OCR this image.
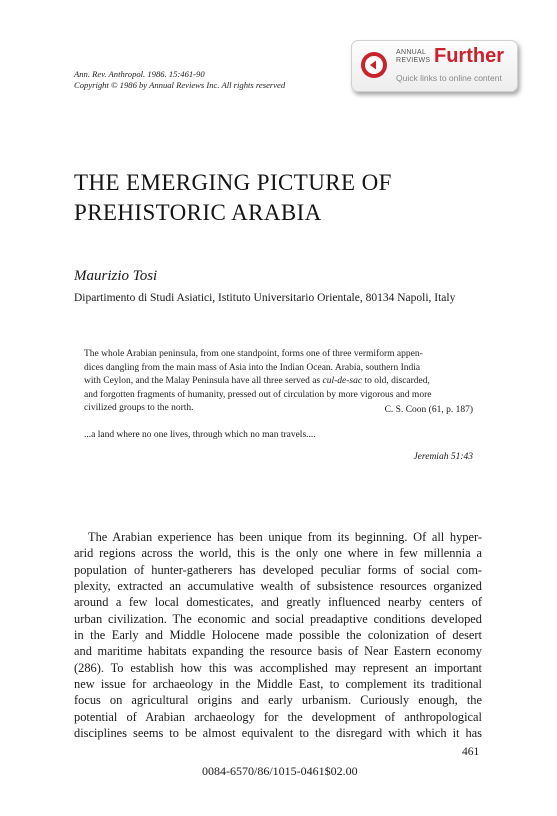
Ann. Rev. Anthropol. 1986. 15:461-90
Copyright © 1986 by Annual Reviews Inc. All rights reserved
ANNUAL
REVIEWS Further
Quick links to online content
THE EMERGING PICTURE OF
PREHISTORIC ARABIA
Maurizio Tosi
Dipartimento di Studi Asiatici, Istituto Universitario Orientale, 80134 Napoli, Italy
The whole Arabian peninsula, from one standpoint, forms one of three vermiform appen-
dices dangling from the main mass of Asia into the Indian Ocean. Arabia, southern India
with Ceylon, and the Malay Peninsula have all three served as cul-de-sac to old, discarded,
and forgotten fragments of humanity, pressed out of circulation by more vigorous and more
civilized groups to the north.	C. S. Coon (61, p. 187)
...a land where no one lives, through which no man travels....
Jeremiah 51:43
The Arabian experience has been unique from its beginning. Of all hyper-
arid regions across the world, this is the only one where in few millennia a
population of hunter-gatherers has developed peculiar forms of social com-
plexity, extracted an accumulative wealth of subsistence resources organized
around a few local domesticates, and greatly influenced nearby centers of
urban civilization. The economic and social preadaptive conditions developed
in the Early and Middle Holocene made possible the colonization of desert
and maritime habitats expanding the resource basis of Near Eastern economy
(286). To establish how this was accomplished may represent an important
new issue for archaeology in the Middle East, to complement its traditional
focus on agricultural origins and early urbanism. Curiously enough, the
potential of Arabian archaeology for the development of anthropological
disciplines seems to be almost equivalent to the disregard with which it has
461
0084-6570/86/1015-0461$02.00
